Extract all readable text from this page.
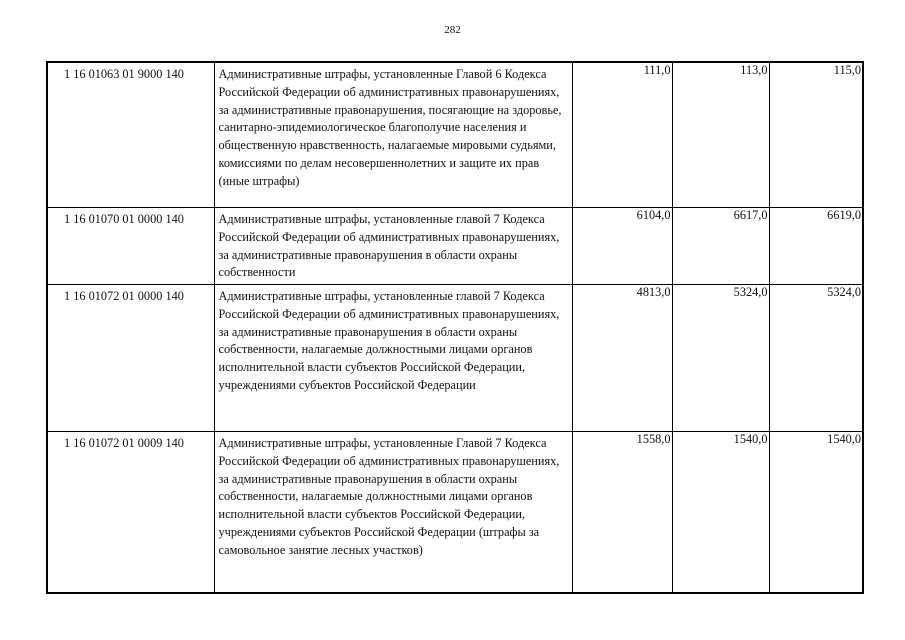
282
1 16 01063 01 9000 140	Административные штрафы, установленные Главой 6 Кодекса Российской Федерации об административных правонарушениях, за административные правонарушения, посягающие на здоровье, санитарно-эпидемиологическое благополучие населения и общественную нравственность, налагаемые мировыми судьями, комиссиями по делам несовершеннолетних и защите их прав (иные штрафы)	111,0	113,0	115,0
1 16 01070 01 0000 140	Административные штрафы, установленные главой 7 Кодекса Российской Федерации об административных правонарушениях, за административные правонарушения в области охраны собственности	6104,0	6617,0	6619,0
1 16 01072 01 0000 140	Административные штрафы, установленные главой 7 Кодекса Российской Федерации об административных правонарушениях, за административные правонарушения в области охраны собственности, налагаемые должностными лицами органов исполнительной власти субъектов Российской Федерации, учреждениями субъектов Российской Федерации	4813,0	5324,0	5324,0
1 16 01072 01 0009 140	Административные штрафы, установленные Главой 7 Кодекса Российской Федерации об административных правонарушениях, за административные правонарушения в области охраны собственности, налагаемые должностными лицами органов исполнительной власти субъектов Российской Федерации, учреждениями субъектов Российской Федерации (штрафы за самовольное занятие лесных участков)	1558,0	1540,0	1540,0
